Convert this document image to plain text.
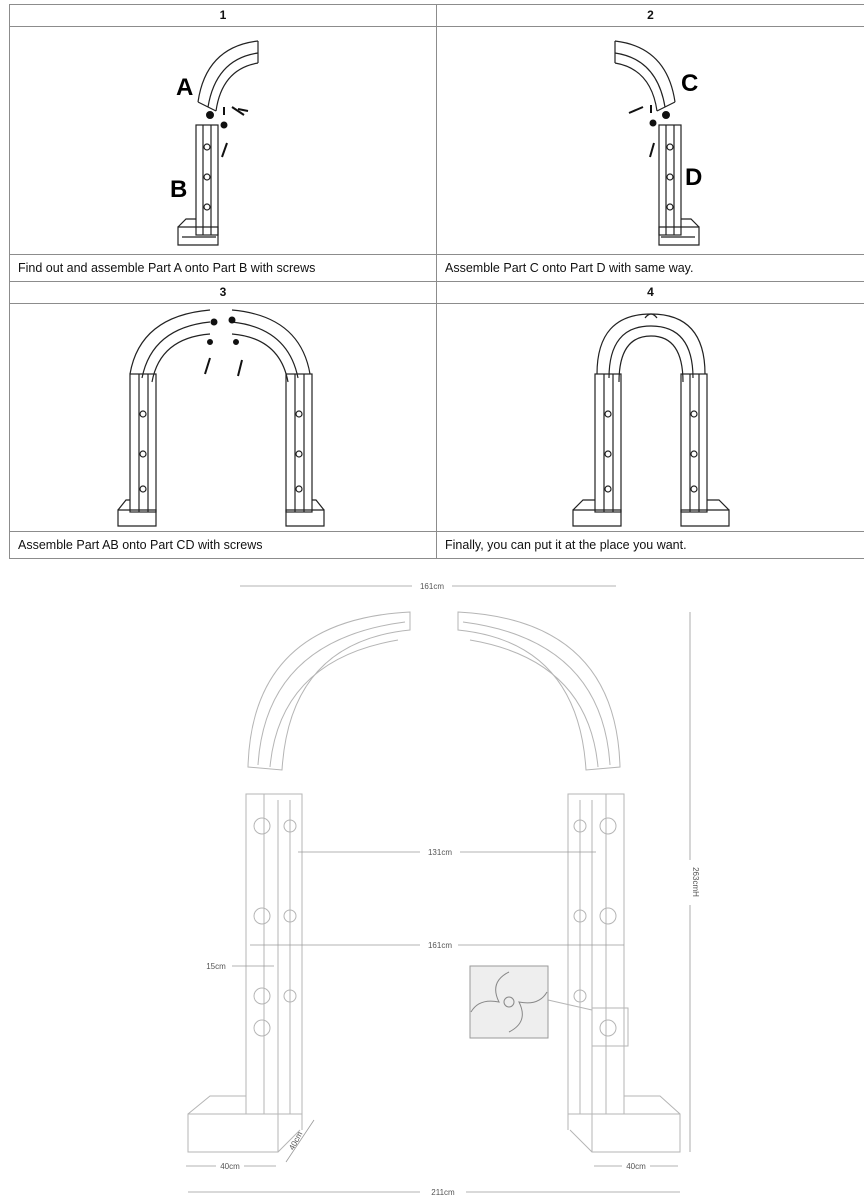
1
A
B
Find out and assemble Part A onto Part B with screws
2
C
D
Assemble Part C onto Part D with same way.
3
Assemble Part AB onto Part CD with screws
4
Finally, you can put it at the place you want.
161cm
131cm
161cm
15cm
40cm	40cm
211cm
40cm
263cmH
